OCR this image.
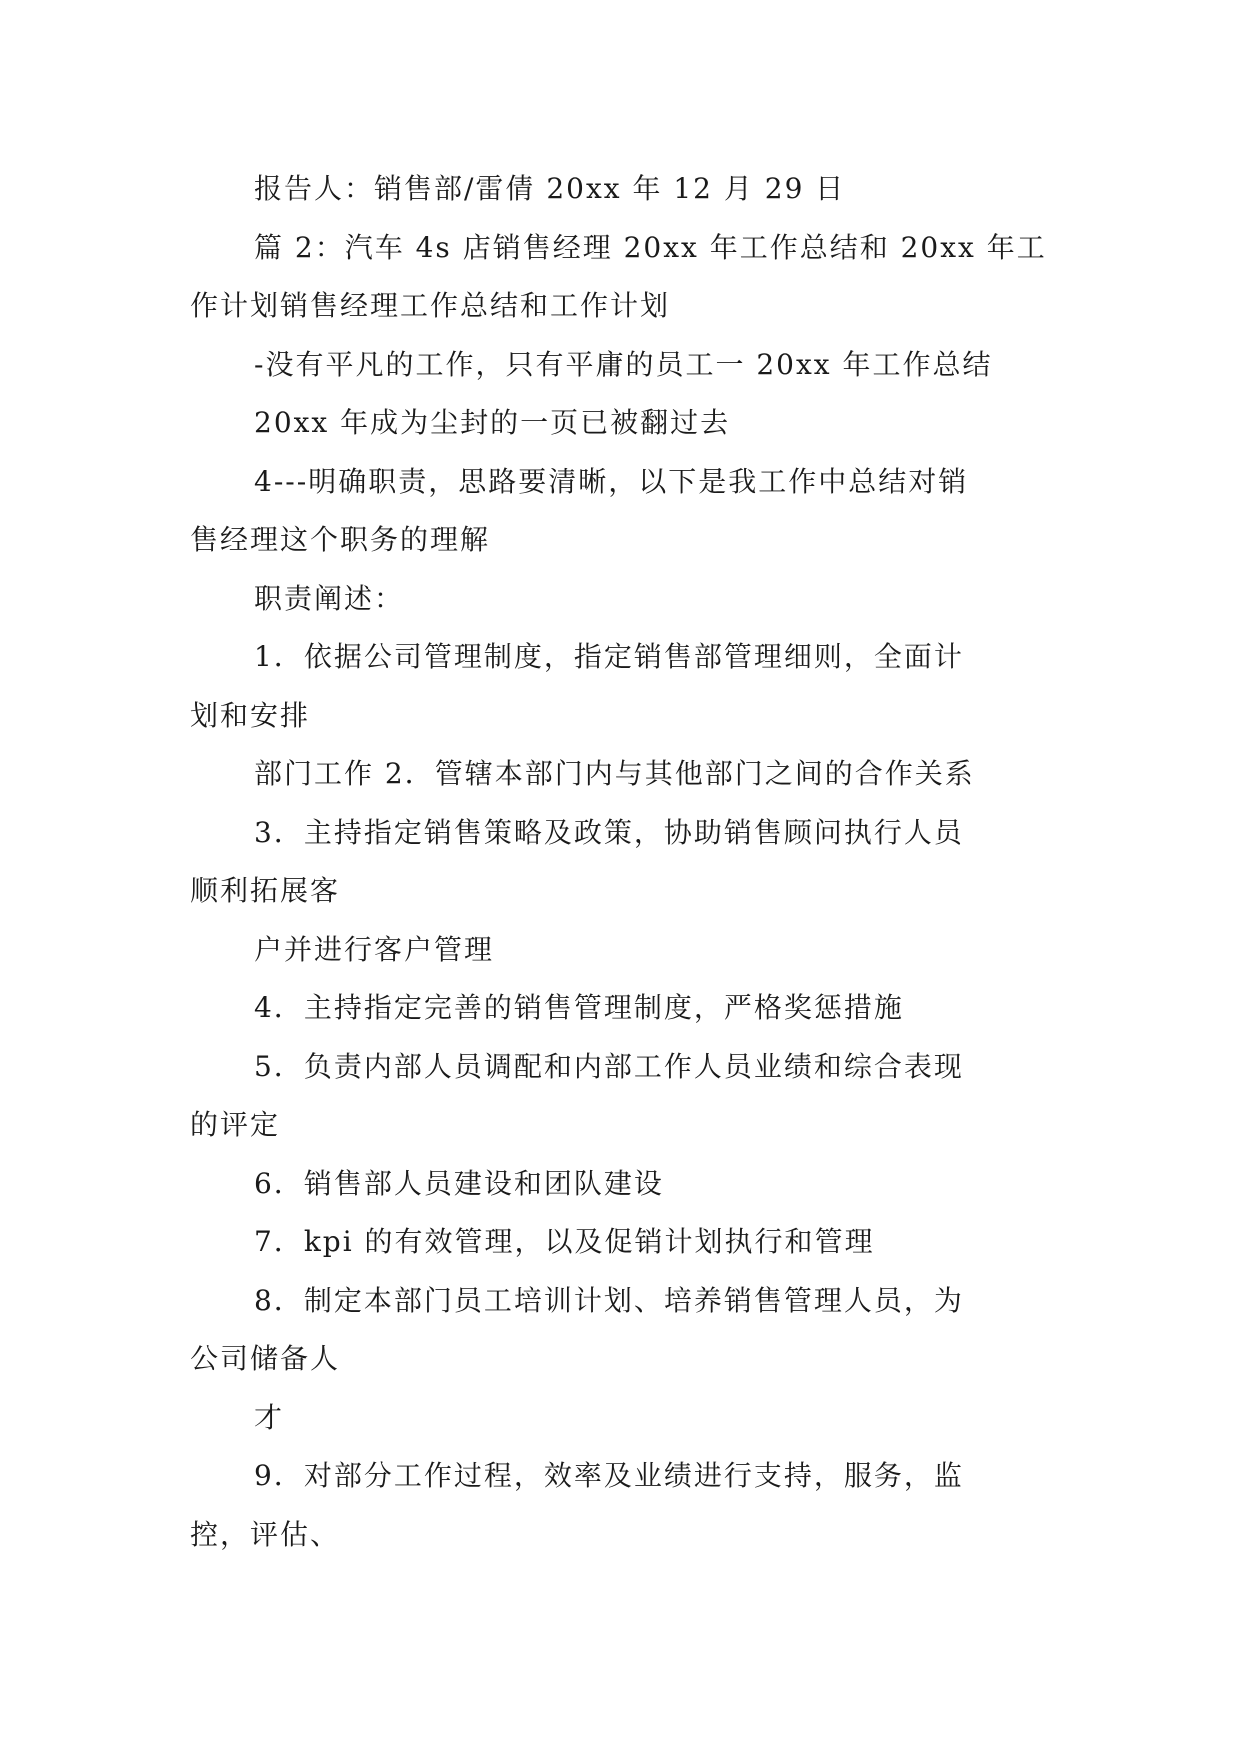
报告人：销售部/雷倩 20xx 年 12 月 29 日

篇 2：汽车 4s 店销售经理 20xx 年工作总结和 20xx 年工

作计划销售经理工作总结和工作计划

-没有平凡的工作，只有平庸的员工一 20xx 年工作总结

20xx 年成为尘封的一页已被翻过去

4---明确职责，思路要清晰，以下是我工作中总结对销

售经理这个职务的理解

职责阐述：

1．依据公司管理制度，指定销售部管理细则，全面计

划和安排

部门工作 2．管辖本部门内与其他部门之间的合作关系

3．主持指定销售策略及政策，协助销售顾问执行人员

顺利拓展客

户并进行客户管理

4．主持指定完善的销售管理制度，严格奖惩措施

5．负责内部人员调配和内部工作人员业绩和综合表现

的评定

6．销售部人员建设和团队建设

7．kpi 的有效管理，以及促销计划执行和管理

8．制定本部门员工培训计划、培养销售管理人员，为

公司储备人

才

9．对部分工作过程，效率及业绩进行支持，服务，监

控，评估、
